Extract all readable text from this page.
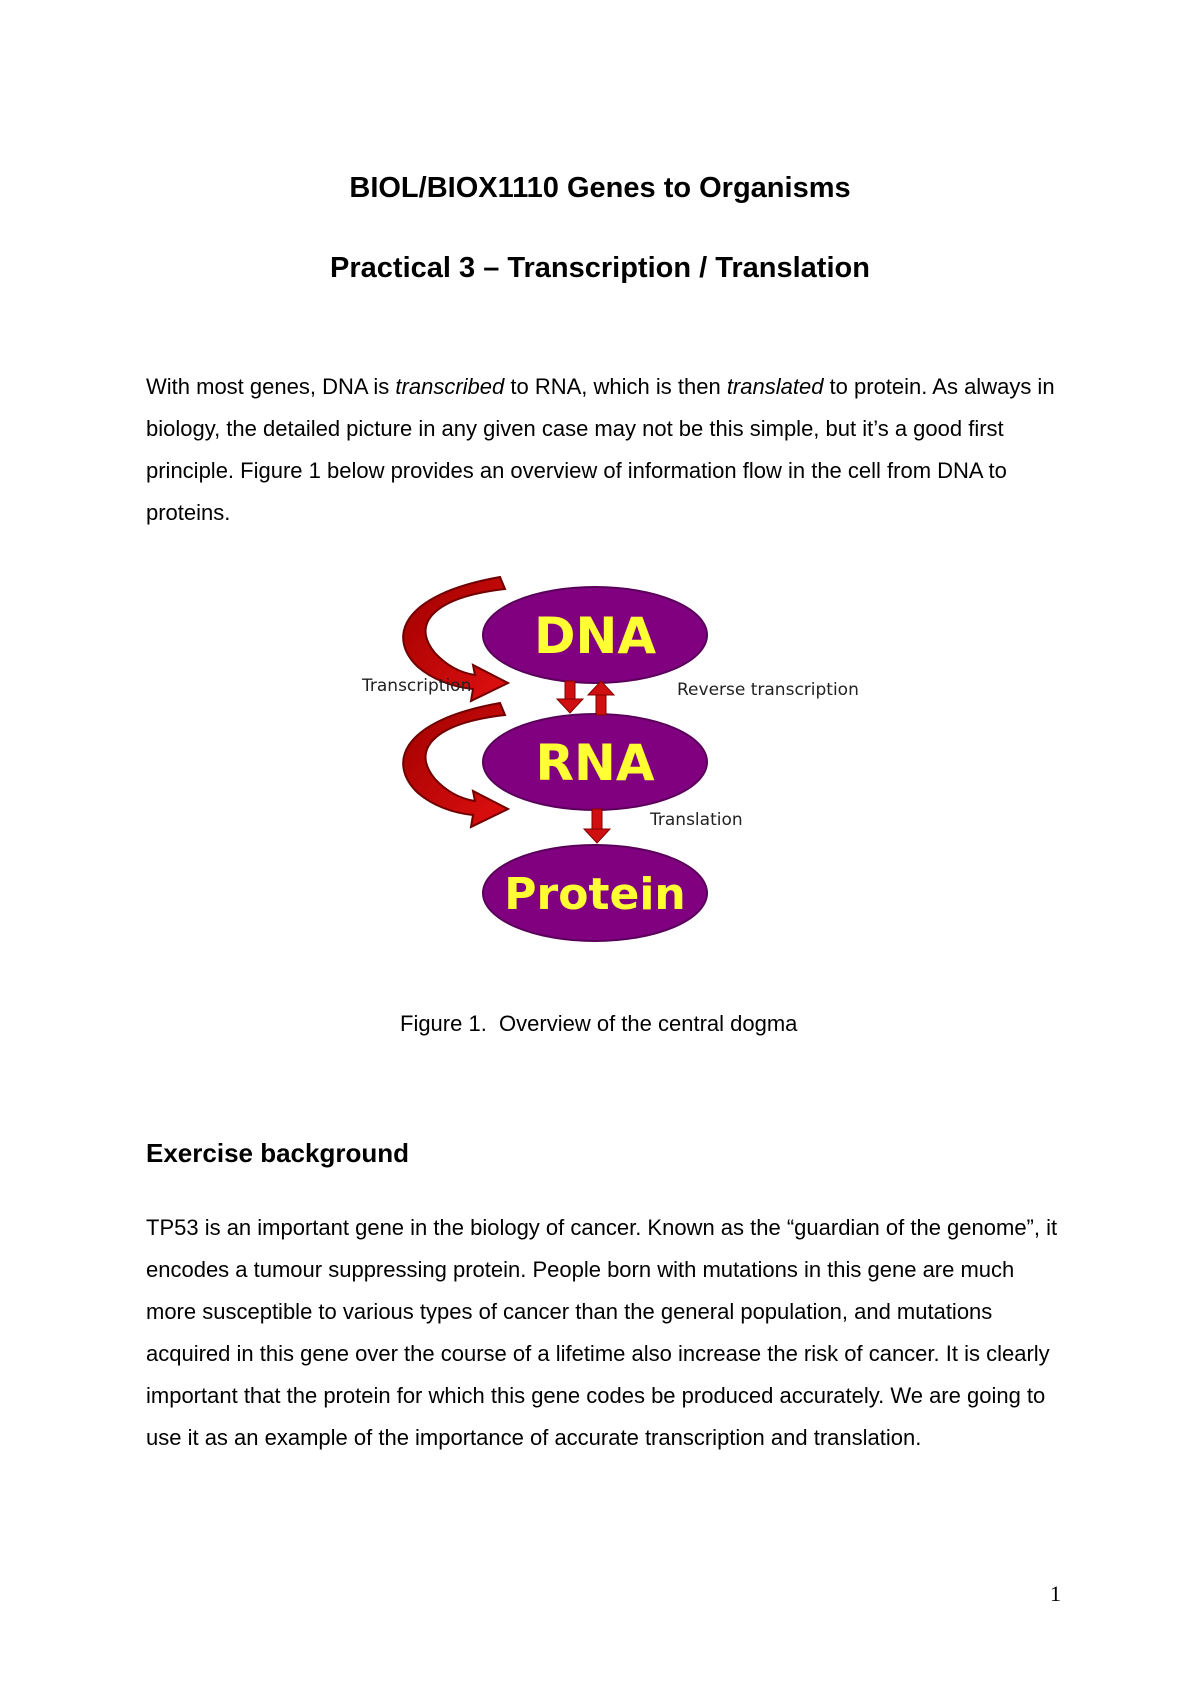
BIOL/BIOX1110 Genes to Organisms
Practical 3 – Transcription / Translation

With most genes, DNA is transcribed to RNA, which is then translated to protein. As always in biology, the detailed picture in any given case may not be this simple, but it’s a good first principle. Figure 1 below provides an overview of information flow in the cell from DNA to proteins.

DNA
RNA
Protein
Transcription	Reverse transcription
Translation

Figure 1.  Overview of the central dogma

Exercise background

TP53 is an important gene in the biology of cancer. Known as the “guardian of the genome”, it encodes a tumour suppressing protein. People born with mutations in this gene are much more susceptible to various types of cancer than the general population, and mutations acquired in this gene over the course of a lifetime also increase the risk of cancer. It is clearly important that the protein for which this gene codes be produced accurately. We are going to use it as an example of the importance of accurate transcription and translation.

1
